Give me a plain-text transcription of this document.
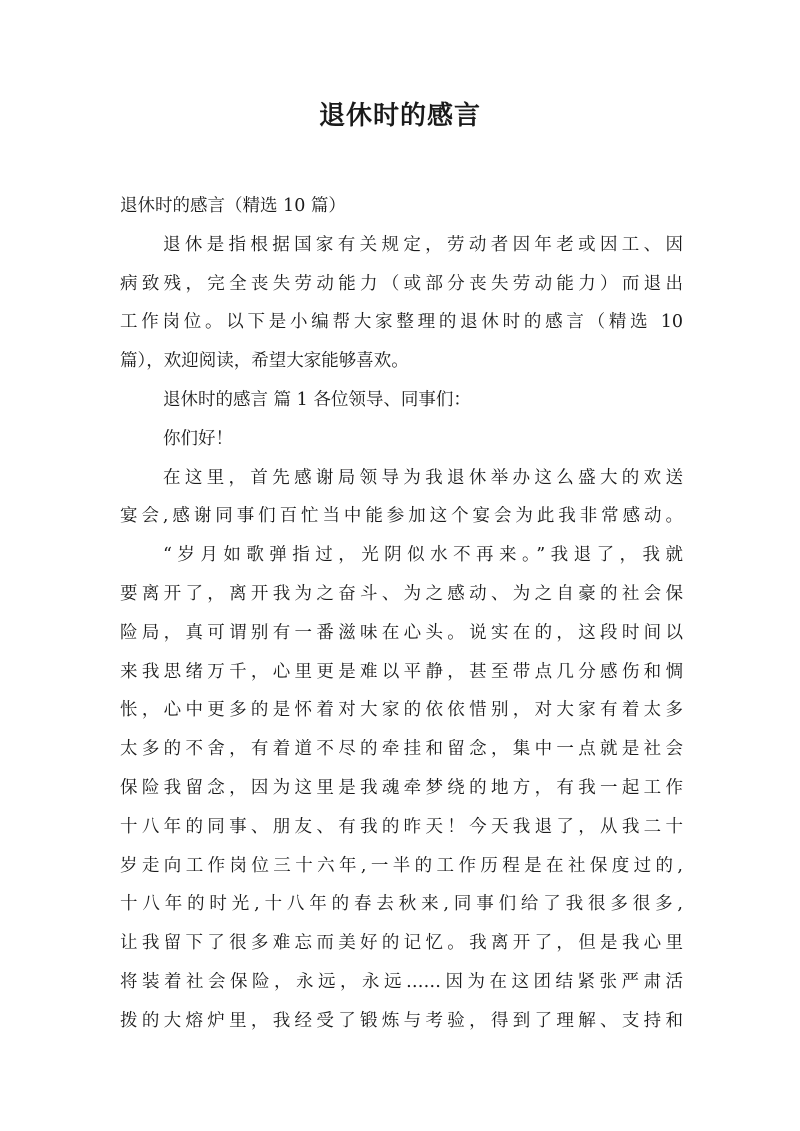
退休时的感言
退休时的感言（精选 10 篇）
退休是指根据国家有关规定，劳动者因年老或因工、因
病致残，完全丧失劳动能力（或部分丧失劳动能力）而退出
工作岗位。以下是小编帮大家整理的退休时的感言（精选 10
篇），欢迎阅读，希望大家能够喜欢。
退休时的感言 篇 1 各位领导、同事们：
你们好！
在这里，首先感谢局领导为我退休举办这么盛大的欢送
宴会,感谢同事们百忙当中能参加这个宴会为此我非常感动。
“岁月如歌弹指过，光阴似水不再来。”我退了，我就
要离开了，离开我为之奋斗、为之感动、为之自豪的社会保
险局，真可谓别有一番滋味在心头。说实在的，这段时间以
来我思绪万千，心里更是难以平静，甚至带点几分感伤和惆
怅，心中更多的是怀着对大家的依依惜别，对大家有着太多
太多的不舍，有着道不尽的牵挂和留念，集中一点就是社会
保险我留念，因为这里是我魂牵梦绕的地方，有我一起工作
十八年的同事、朋友、有我的昨天！今天我退了，从我二十
岁走向工作岗位三十六年,一半的工作历程是在社保度过的,
十八年的时光,十八年的春去秋来,同事们给了我很多很多,
让我留下了很多难忘而美好的记忆。我离开了，但是我心里
将装着社会保险，永远，永远……因为在这团结紧张严肃活
拨的大熔炉里，我经受了锻炼与考验，得到了理解、支持和
